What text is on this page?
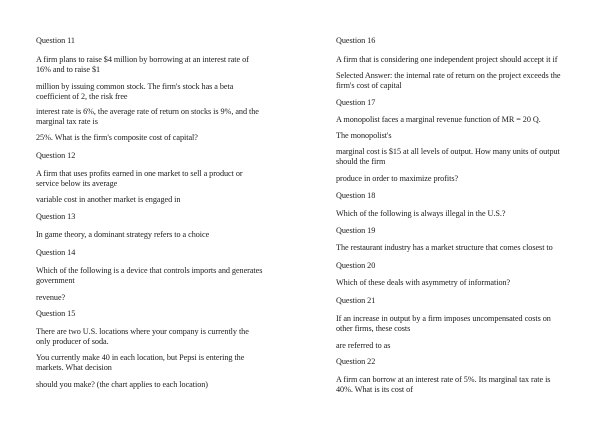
Question 11
A firm plans to raise $4 million by borrowing at an interest rate of
16% and to raise $1
million by issuing common stock. The firm's stock has a beta
coefficient of 2, the risk free
interest rate is 6%, the average rate of return on stocks is 9%, and the
marginal tax rate is
25%. What is the firm's composite cost of capital?
Question 12
A firm that uses profits earned in one market to sell a product or
service below its average
variable cost in another market is engaged in
Question 13
In game theory, a dominant strategy refers to a choice
Question 14
Which of the following is a device that controls imports and generates
government
revenue?
Question 15
There are two U.S. locations where your company is currently the
only producer of soda.
You currently make 40 in each location, but Pepsi is entering the
markets. What decision
should you make? (the chart applies to each location)
Question 16
A firm that is considering one independent project should accept it if
Selected Answer: the internal rate of return on the project exceeds the
firm's cost of capital
Question 17
A monopolist faces a marginal revenue function of MR = 20 Q.
The monopolist's
marginal cost is $15 at all levels of output. How many units of output
should the firm
produce in order to maximize profits?
Question 18
Which of the following is always illegal in the U.S.?
Question 19
The restaurant industry has a market structure that comes closest to
Question 20
Which of these deals with asymmetry of information?
Question 21
If an increase in output by a firm imposes uncompensated costs on
other firms, these costs
are referred to as
Question 22
A firm can borrow at an interest rate of 5%. Its marginal tax rate is
40%. What is its cost of
